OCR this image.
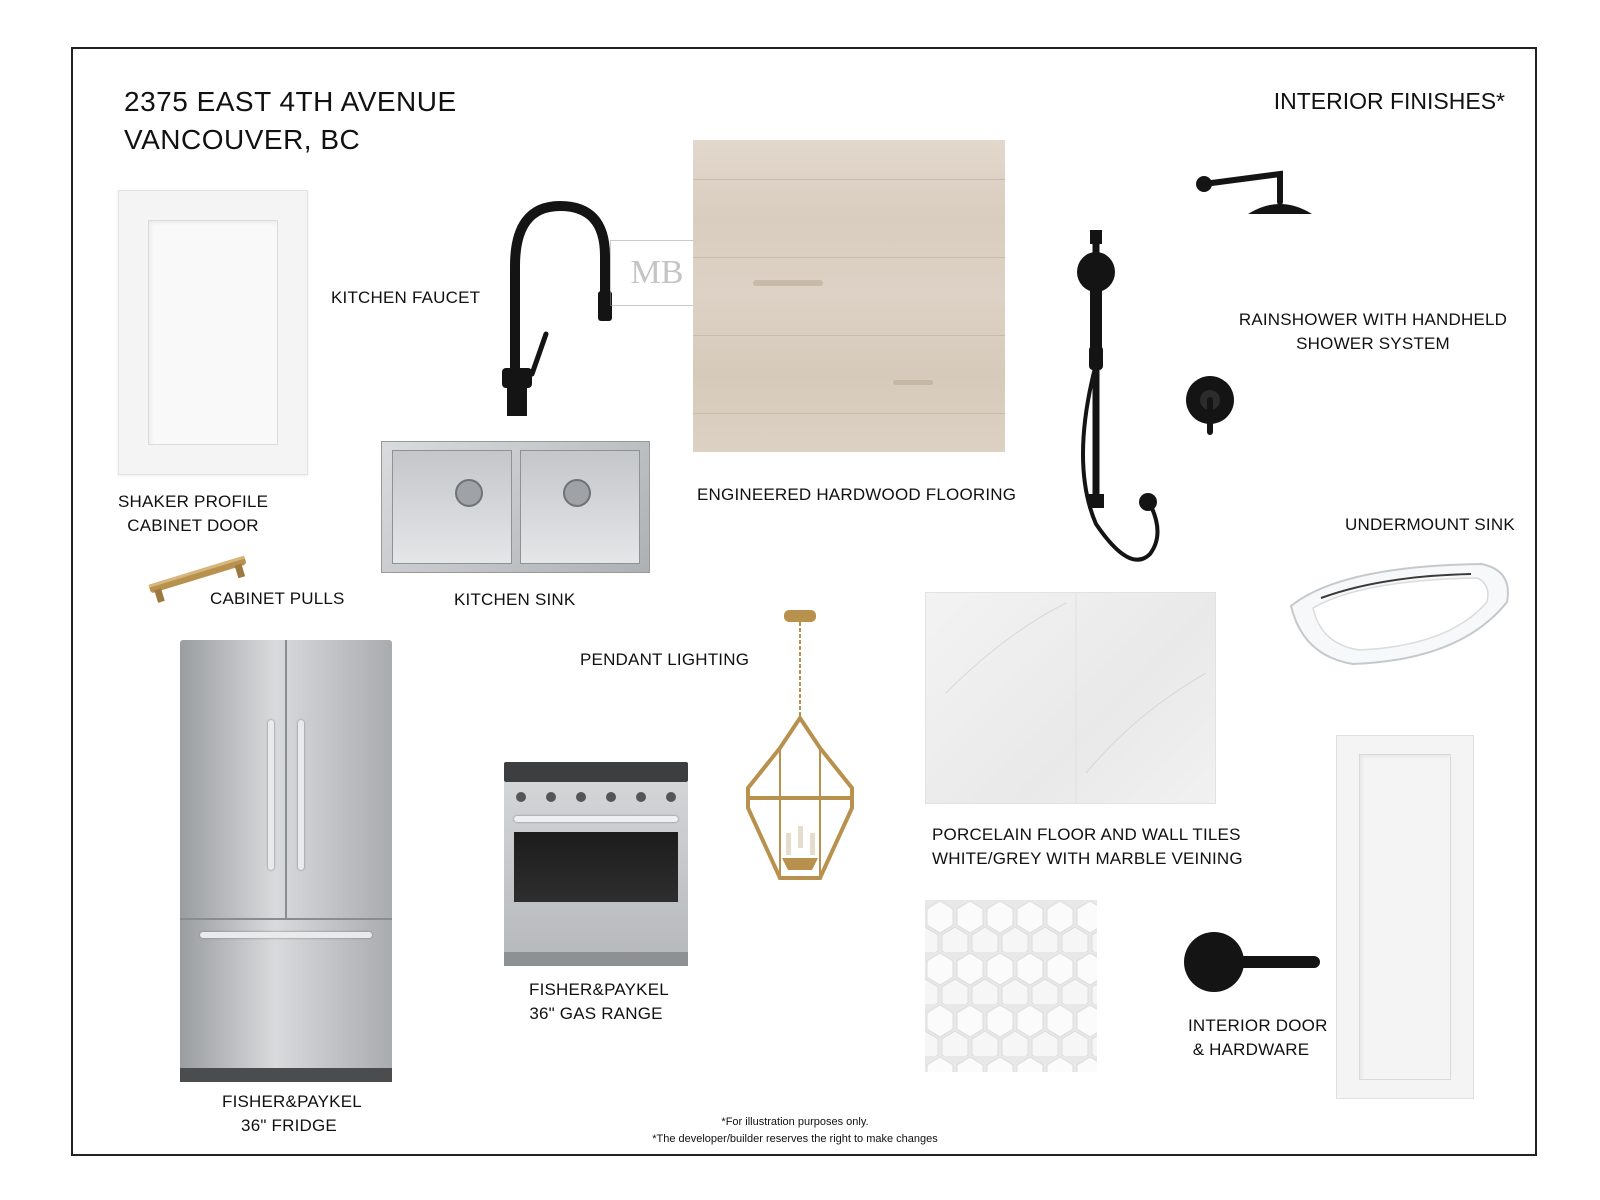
2375 EAST 4TH AVENUE
VANCOUVER, BC
INTERIOR FINISHES*
SHAKER PROFILE
CABINET DOOR
CABINET PULLS
KITCHEN FAUCET
MB
ENGINEERED HARDWOOD FLOORING
KITCHEN SINK
RAINSHOWER WITH HANDHELD
SHOWER SYSTEM
UNDERMOUNT SINK
PENDANT LIGHTING
PORCELAIN FLOOR AND WALL TILES
WHITE/GREY WITH MARBLE VEINING
FISHER&PAYKEL
36" FRIDGE
FISHER&PAYKEL
36" GAS RANGE
INTERIOR DOOR
& HARDWARE
*For illustration purposes only.
*The developer/builder reserves the right to make changes
